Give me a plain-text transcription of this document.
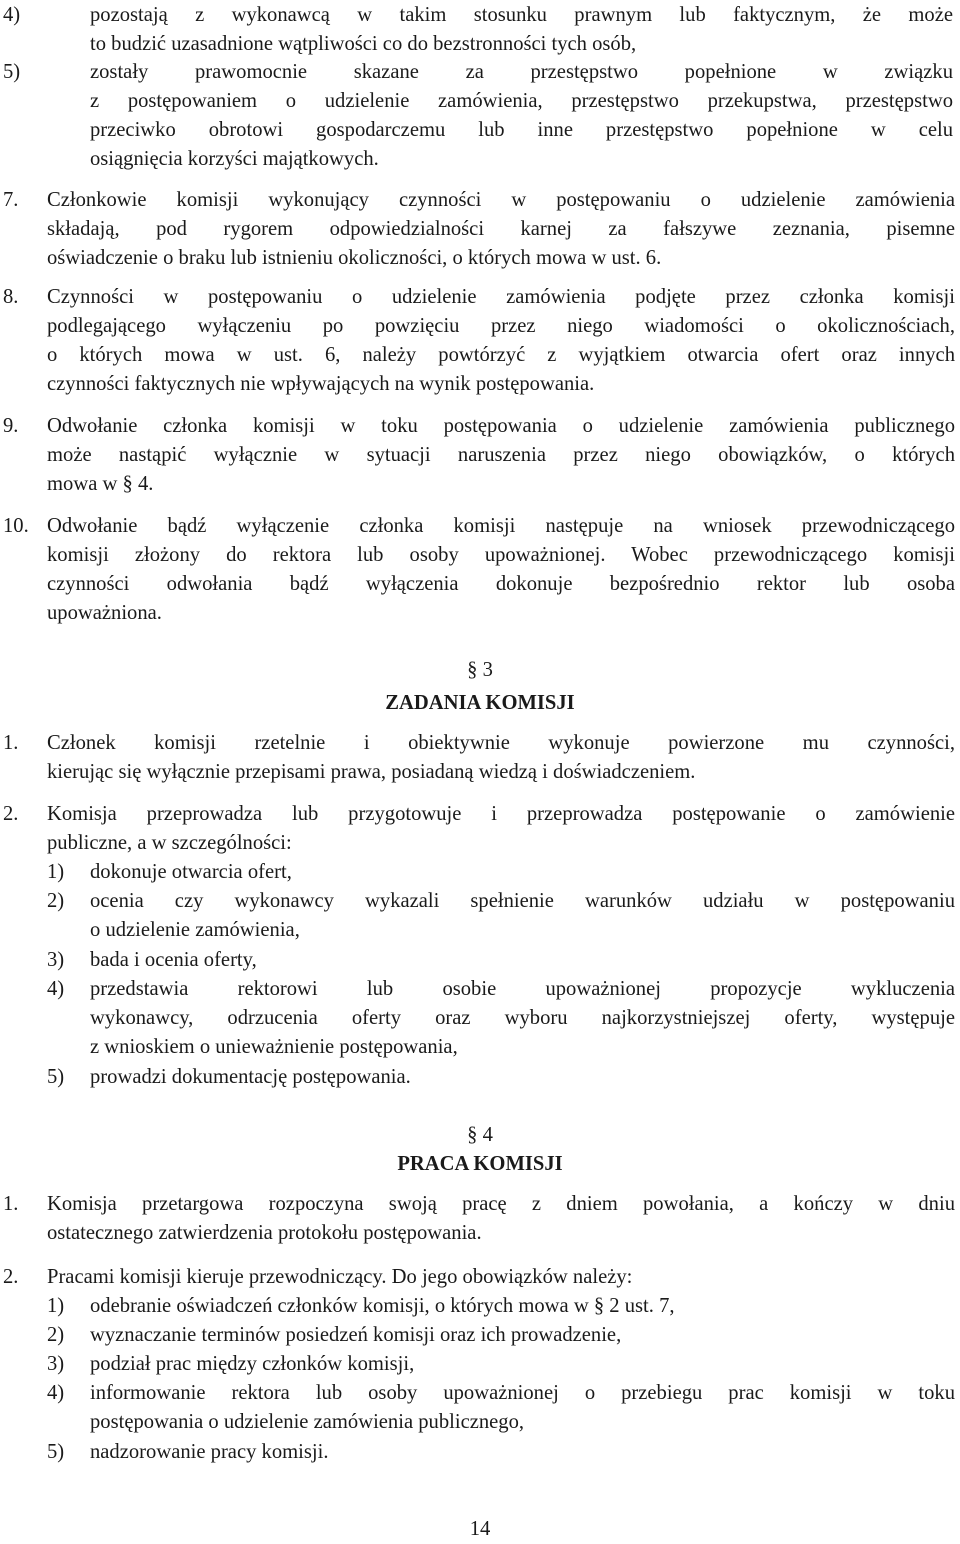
4)	pozostają z wykonawcą w takim stosunku prawnym lub faktycznym, że może
to budzić uzasadnione wątpliwości co do bezstronności tych osób,
5)	zostały prawomocnie skazane za przestępstwo popełnione w związku
z postępowaniem o udzielenie zamówienia, przestępstwo przekupstwa, przestępstwo
przeciwko obrotowi gospodarczemu lub inne przestępstwo popełnione w celu
osiągnięcia korzyści majątkowych.
7. Członkowie komisji wykonujący czynności w postępowaniu o udzielenie zamówienia
składają, pod rygorem odpowiedzialności karnej za fałszywe zeznania, pisemne
oświadczenie o braku lub istnieniu okoliczności, o których mowa w ust. 6.
8. Czynności w postępowaniu o udzielenie zamówienia podjęte przez członka komisji
podlegającego wyłączeniu po powzięciu przez niego wiadomości o okolicznościach,
o których mowa w ust. 6, należy powtórzyć z wyjątkiem otwarcia ofert oraz innych
czynności faktycznych nie wpływających na wynik postępowania.
9. Odwołanie członka komisji w toku postępowania o udzielenie zamówienia publicznego
może nastąpić wyłącznie w sytuacji naruszenia przez niego obowiązków, o których
mowa w § 4.
10. Odwołanie bądź wyłączenie członka komisji następuje na wniosek przewodniczącego
komisji złożony do rektora lub osoby upoważnionej. Wobec przewodniczącego komisji
czynności odwołania bądź wyłączenia dokonuje bezpośrednio rektor lub osoba
upoważniona.
§ 3
ZADANIA KOMISJI
1. Członek komisji rzetelnie i obiektywnie wykonuje powierzone mu czynności,
kierując się wyłącznie przepisami prawa, posiadaną wiedzą i doświadczeniem.
2. Komisja przeprowadza lub przygotowuje i przeprowadza postępowanie o zamówienie
publiczne, a w szczególności:
1) dokonuje otwarcia ofert,
2) ocenia czy wykonawcy wykazali spełnienie warunków udziału w postępowaniu
o udzielenie zamówienia,
3) bada i ocenia oferty,
4) przedstawia rektorowi lub osobie upoważnionej propozycje wykluczenia
wykonawcy, odrzucenia oferty oraz wyboru najkorzystniejszej oferty, występuje
z wnioskiem o unieważnienie postępowania,
5) prowadzi dokumentację postępowania.
§ 4
PRACA KOMISJI
1. Komisja przetargowa rozpoczyna swoją pracę z dniem powołania, a kończy w dniu
ostatecznego zatwierdzenia protokołu postępowania.
2. Pracami komisji kieruje przewodniczący. Do jego obowiązków należy:
1) odebranie oświadczeń członków komisji, o których mowa w § 2 ust. 7,
2) wyznaczanie terminów posiedzeń komisji oraz ich prowadzenie,
3) podział prac między członków komisji,
4) informowanie rektora lub osoby upoważnionej o przebiegu prac komisji w toku
postępowania o udzielenie zamówienia publicznego,
5) nadzorowanie pracy komisji.
14
